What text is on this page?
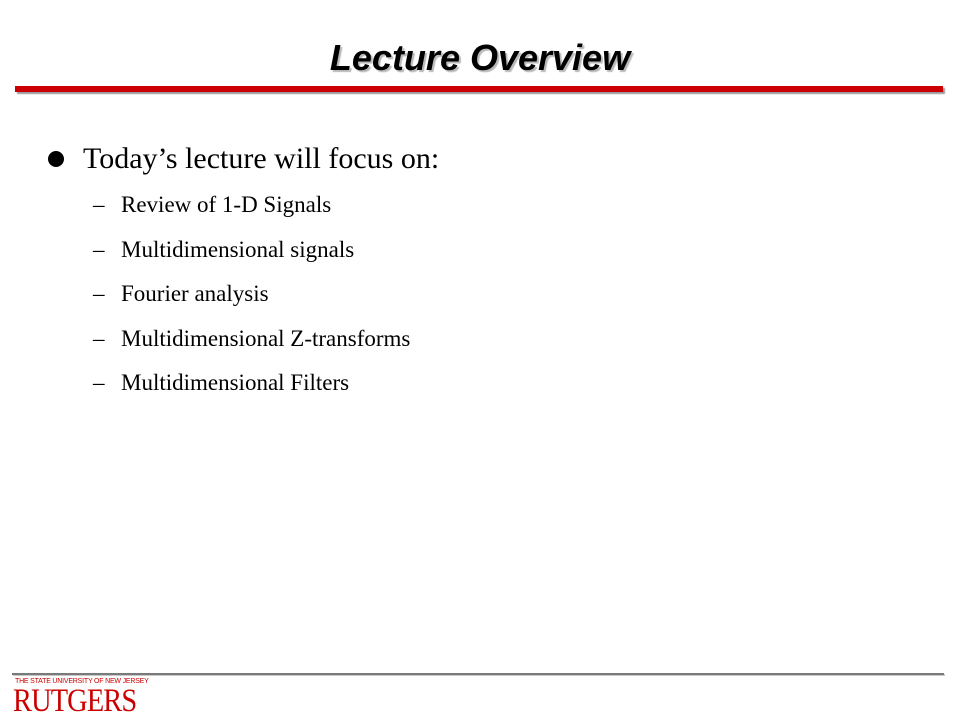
Lecture Overview
Today’s lecture will focus on:
– Review of 1-D Signals
– Multidimensional signals
– Fourier analysis
– Multidimensional Z-transforms
– Multidimensional Filters
THE STATE UNIVERSITY OF NEW JERSEY
RUTGERS
